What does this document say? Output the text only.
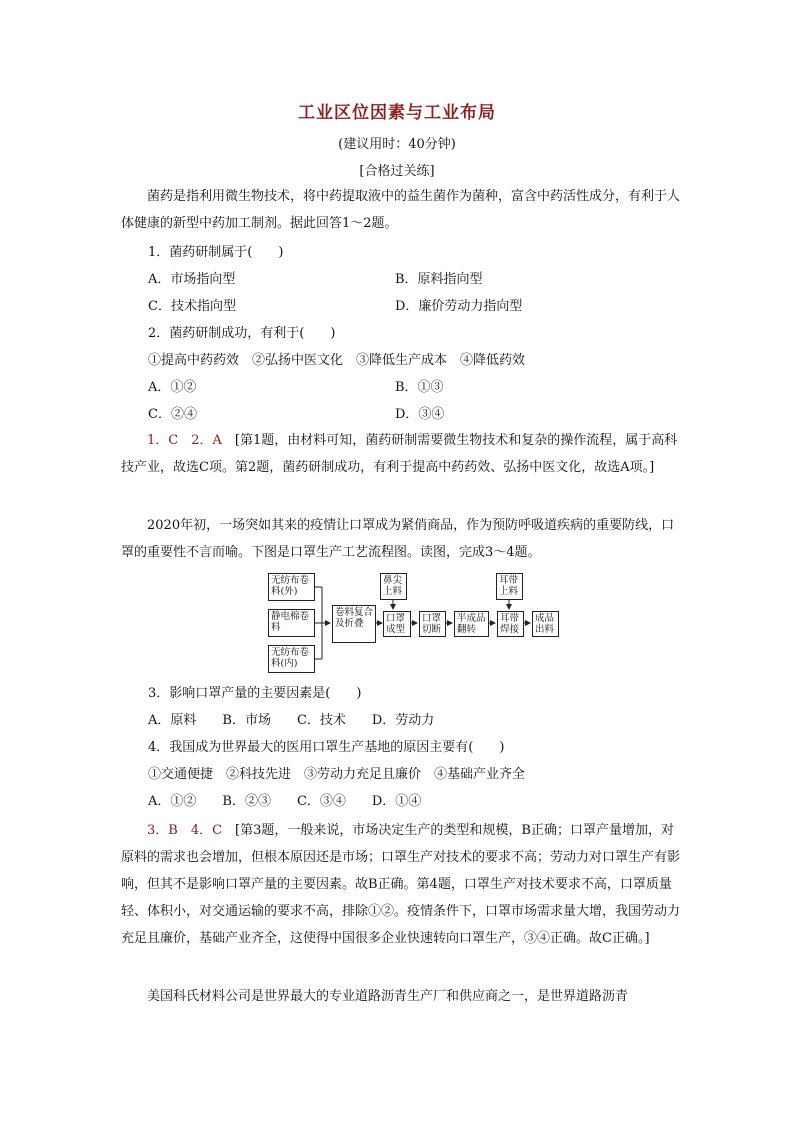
工业区位因素与工业布局
(建议用时：40分钟)
[合格过关练]
菌药是指利用微生物技术，将中药提取液中的益生菌作为菌种，富含中药活性成分，有利于人体健康的新型中药加工制剂。据此回答1～2题。
1．菌药研制属于(　　)
A．市场指向型	B．原料指向型
C．技术指向型	D．廉价劳动力指向型
2．菌药研制成功，有利于(　　)
①提高中药药效　②弘扬中医文化　③降低生产成本　④降低药效
A．①②	B．①③
C．②④	D．③④
1．C　2．A　[第1题，由材料可知，菌药研制需要微生物技术和复杂的操作流程，属于高科技产业，故选C项。第2题，菌药研制成功，有利于提高中药药效、弘扬中医文化，故选A项。]
2020年初，一场突如其来的疫情让口罩成为紧俏商品，作为预防呼吸道疾病的重要防线，口罩的重要性不言而喻。下图是口罩生产工艺流程图。读图，完成3～4题。
无纺布卷料(外)
静电棉卷料
无纺布卷料(内)
卷料复合及折叠
鼻尖上料
口罩成型
口罩切断
半成品翻转
耳带上料
耳带焊接
成品出料
3．影响口罩产量的主要因素是(　　)
A．原料　　B．市场　　C．技术　　D．劳动力
4．我国成为世界最大的医用口罩生产基地的原因主要有(　　)
①交通便捷　②科技先进　③劳动力充足且廉价　④基础产业齐全
A．①②　　B．②③　　C．③④　　D．①④
3．B　4．C　[第3题，一般来说，市场决定生产的类型和规模，B正确；口罩产量增加，对原料的需求也会增加，但根本原因还是市场；口罩生产对技术的要求不高；劳动力对口罩生产有影响，但其不是影响口罩产量的主要因素。故B正确。第4题，口罩生产对技术要求不高，口罩质量轻、体积小，对交通运输的要求不高，排除①②。疫情条件下，口罩市场需求量大增，我国劳动力充足且廉价，基础产业齐全，这使得中国很多企业快速转向口罩生产，③④正确。故C正确。]
美国科氏材料公司是世界最大的专业道路沥青生产厂和供应商之一，是世界道路沥青
